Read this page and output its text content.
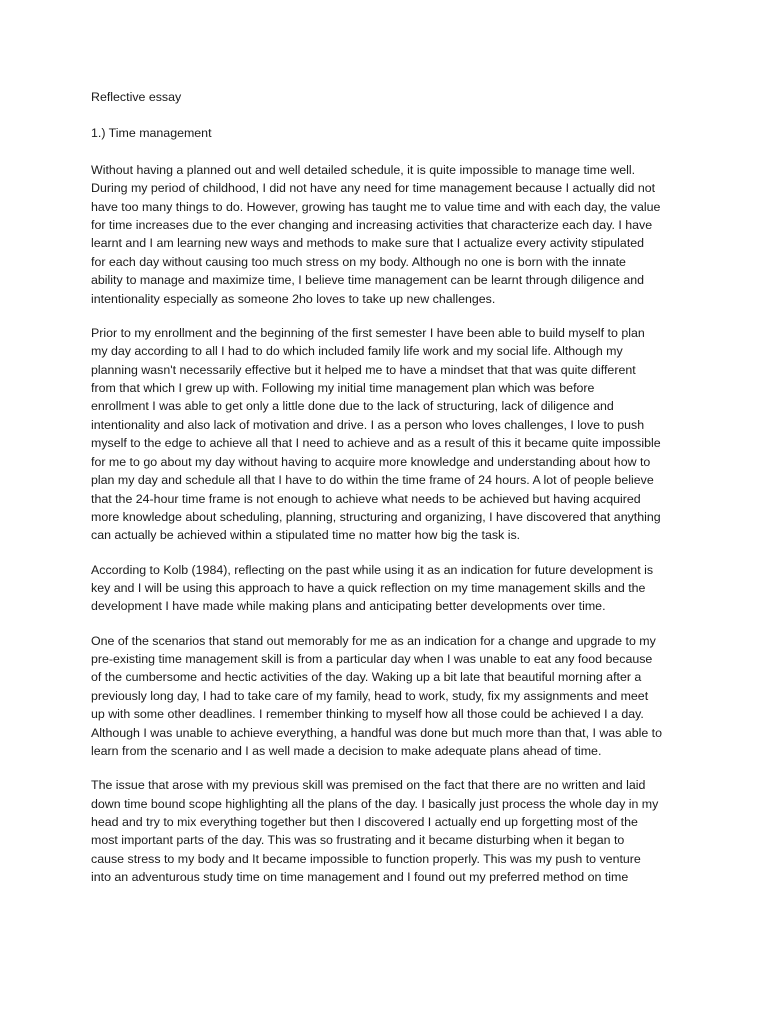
Reflective essay
1.) Time management
Without having a planned out and well detailed schedule, it is quite impossible to manage time well.
During my period of childhood, I did not have any need for time management because I actually did not
have too many things to do. However, growing has taught me to value time and with each day, the value
for time increases due to the ever changing and increasing activities that characterize each day. I have
learnt and I am learning new ways and methods to make sure that I actualize every activity stipulated
for each day without causing too much stress on my body. Although no one is born with the innate
ability to manage and maximize time, I believe time management can be learnt through diligence and
intentionality especially as someone 2ho loves to take up new challenges.
Prior to my enrollment and the beginning of the first semester I have been able to build myself to plan
my day according to all I had to do which included family life work and my social life. Although my
planning wasn't necessarily effective but it helped me to have a mindset that that was quite different
from that which I grew up with. Following my initial time management plan which was before
enrollment I was able to get only a little done due to the lack of structuring, lack of diligence and
intentionality and also lack of motivation and drive. I as a person who loves challenges, I love to push
myself to the edge to achieve all that I need to achieve and as a result of this it became quite impossible
for me to go about my day without having to acquire more knowledge and understanding about how to
plan my day and schedule all that I have to do within the time frame of 24 hours. A lot of people believe
that the 24-hour time frame is not enough to achieve what needs to be achieved but having acquired
more knowledge about scheduling, planning, structuring and organizing, I have discovered that anything
can actually be achieved within a stipulated time no matter how big the task is.
According to Kolb (1984), reflecting on the past while using it as an indication for future development is
key and I will be using this approach to have a quick reflection on my time management skills and the
development I have made while making plans and anticipating better developments over time.
One of the scenarios that stand out memorably for me as an indication for a change and upgrade to my
pre-existing time management skill is from a particular day when I was unable to eat any food because
of the cumbersome and hectic activities of the day. Waking up a bit late that beautiful morning after a
previously long day, I had to take care of my family, head to work, study, fix my assignments and meet
up with some other deadlines. I remember thinking to myself how all those could be achieved I a day.
Although I was unable to achieve everything, a handful was done but much more than that, I was able to
learn from the scenario and I as well made a decision to make adequate plans ahead of time.
The issue that arose with my previous skill was premised on the fact that there are no written and laid
down time bound scope highlighting all the plans of the day. I basically just process the whole day in my
head and try to mix everything together but then I discovered I actually end up forgetting most of the
most important parts of the day. This was so frustrating and it became disturbing when it began to
cause stress to my body and It became impossible to function properly. This was my push to venture
into an adventurous study time on time management and I found out my preferred method on time
